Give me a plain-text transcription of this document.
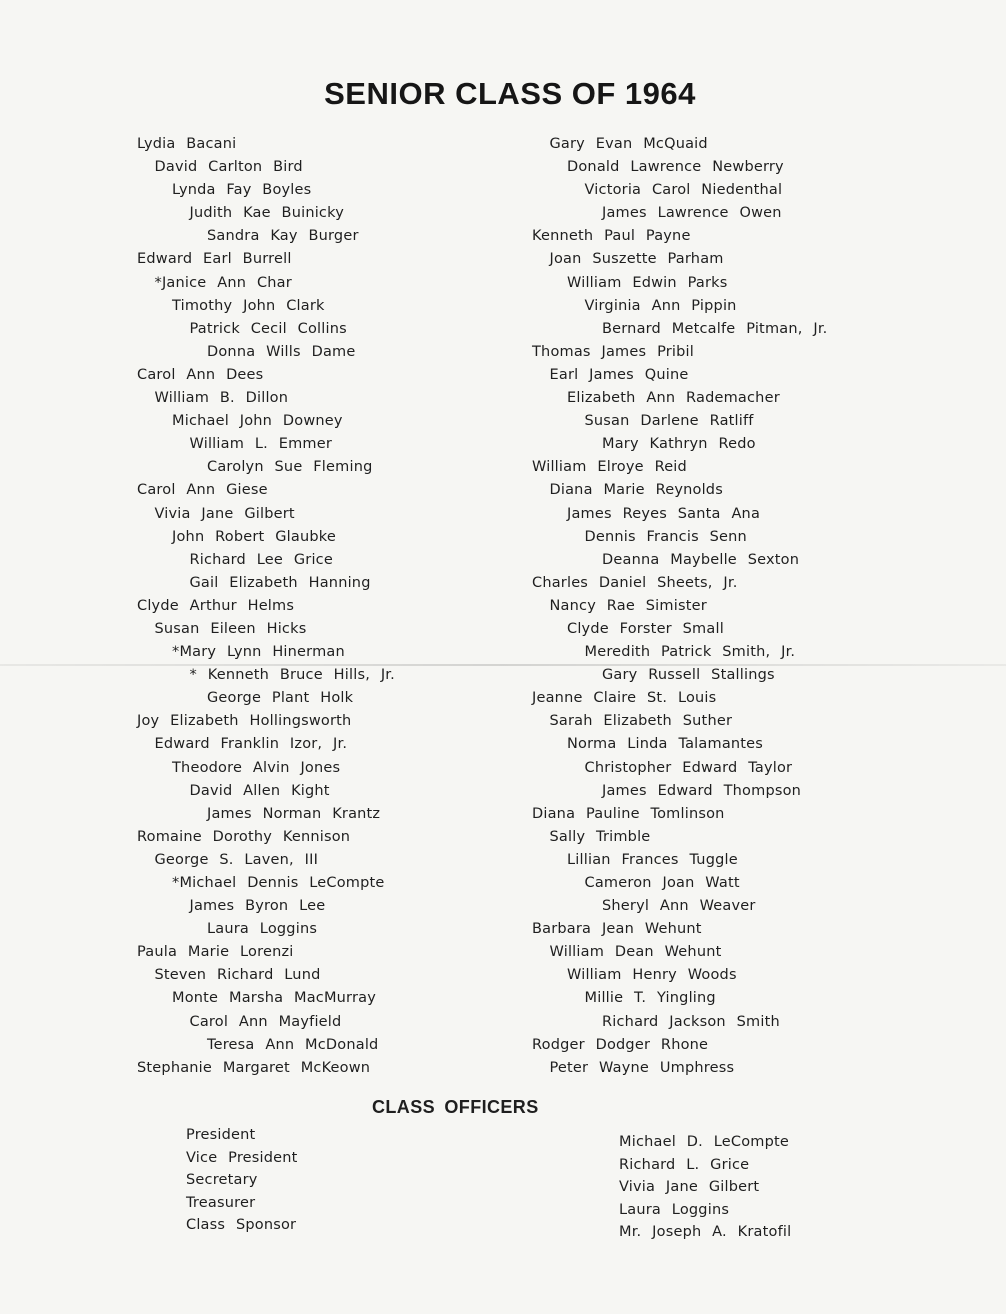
SENIOR CLASS OF 1964
Lydia Bacani
David Carlton Bird
Lynda Fay Boyles
Judith Kae Buinicky
Sandra Kay Burger
Edward Earl Burrell
*Janice Ann Char
Timothy John Clark
Patrick Cecil Collins
Donna Wills Dame
Carol Ann Dees
William B. Dillon
Michael John Downey
William L. Emmer
Carolyn Sue Fleming
Carol Ann Giese
Vivia Jane Gilbert
John Robert Glaubke
Richard Lee Grice
Gail Elizabeth Hanning
Clyde Arthur Helms
Susan Eileen Hicks
*Mary Lynn Hinerman
* Kenneth Bruce Hills, Jr.
George Plant Holk
Joy Elizabeth Hollingsworth
Edward Franklin Izor, Jr.
Theodore Alvin Jones
David Allen Kight
James Norman Krantz
Romaine Dorothy Kennison
George S. Laven, III
*Michael Dennis LeCompte
James Byron Lee
Laura Loggins
Paula Marie Lorenzi
Steven Richard Lund
Monte Marsha MacMurray
Carol Ann Mayfield
Teresa Ann McDonald
Stephanie Margaret McKeown
Gary Evan McQuaid
Donald Lawrence Newberry
Victoria Carol Niedenthal
James Lawrence Owen
Kenneth Paul Payne
Joan Suszette Parham
William Edwin Parks
Virginia Ann Pippin
Bernard Metcalfe Pitman, Jr.
Thomas James Pribil
Earl James Quine
Elizabeth Ann Rademacher
Susan Darlene Ratliff
Mary Kathryn Redo
William Elroye Reid
Diana Marie Reynolds
James Reyes Santa Ana
Dennis Francis Senn
Deanna Maybelle Sexton
Charles Daniel Sheets, Jr.
Nancy Rae Simister
Clyde Forster Small
Meredith Patrick Smith, Jr.
Gary Russell Stallings
Jeanne Claire St. Louis
Sarah Elizabeth Suther
Norma Linda Talamantes
Christopher Edward Taylor
James Edward Thompson
Diana Pauline Tomlinson
Sally Trimble
Lillian Frances Tuggle
Cameron Joan Watt
Sheryl Ann Weaver
Barbara Jean Wehunt
William Dean Wehunt
William Henry Woods
Millie T. Yingling
Richard Jackson Smith
Rodger Dodger Rhone
Peter Wayne Umphress
CLASS OFFICERS
President
Vice President
Secretary
Treasurer
Class Sponsor
Michael D. LeCompte
Richard L. Grice
Vivia Jane Gilbert
Laura Loggins
Mr. Joseph A. Kratofil
